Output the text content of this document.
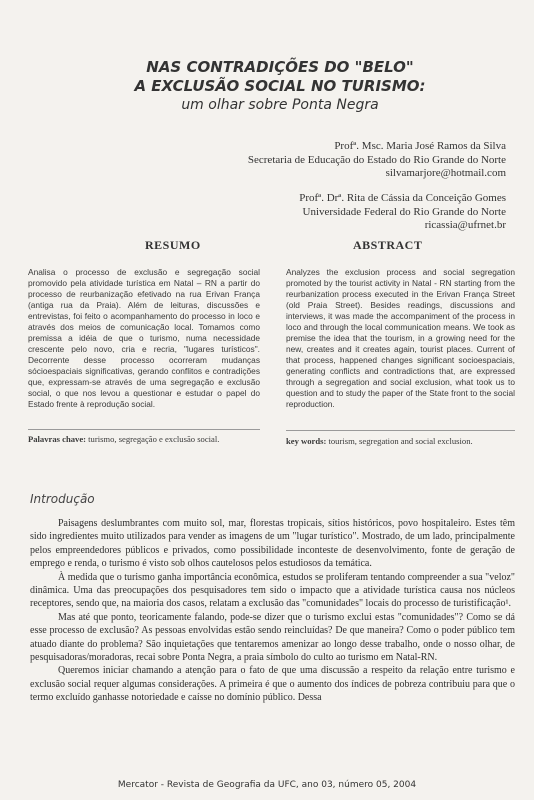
NAS CONTRADIÇÕES DO "BELO"
A EXCLUSÃO SOCIAL NO TURISMO:
um olhar sobre Ponta Negra
Profª. Msc. Maria José Ramos da Silva
Secretaria de Educação do Estado do Rio Grande do Norte
silvamarjore@hotmail.com
Profª. Drª. Rita de Cássia da Conceição Gomes
Universidade Federal do Rio Grande do Norte
ricassia@ufrnet.br
RESUMO	ABSTRACT
Analisa o processo de exclusão e segregação social promovido pela atividade turística em Natal – RN a partir do processo de reurbanização efetivado na rua Erivan França (antiga rua da Praia). Além de leituras, discussões e entrevistas, foi feito o acompanhamento do processo in loco e através dos meios de comunicação local. Tomamos como premissa a idéia de que o turismo, numa necessidade crescente pelo novo, cria e recria, "lugares turísticos". Decorrente desse processo ocorreram mudanças sócioespaciais significativas, gerando conflitos e contradições que, expressam-se através de uma segregação e exclusão social, o que nos levou a questionar e estudar o papel do Estado frente à reprodução social.
Analyzes the exclusion process and social segregation promoted by the tourist activity in Natal - RN starting from the reurbanization process executed in the Erivan França Street (old Praia Street). Besides readings, discussions and interviews, it was made the accompaniment of the process in loco and through the local communication means. We took as premise the idea that the tourism, in a growing need for the new, creates and it creates again, tourist places. Current of that process, happened changes significant socioespaciais, generating conflicts and contradictions that, are expressed through a segregation and social exclusion, what took us to question and to study the paper of the State front to the social reproduction.
Palavras chave: turismo, segregação e exclusão social.	key words: tourism, segregation and social exclusion.
Introdução

Paisagens deslumbrantes com muito sol, mar, florestas tropicais, sítios históricos, povo hospitaleiro. Estes têm sido ingredientes muito utilizados para vender as imagens de um "lugar turístico". Mostrado, de um lado, principalmente pelos empreendedores públicos e privados, como possibilidade inconteste de desenvolvimento, fonte de geração de emprego e renda, o turismo é visto sob olhos cautelosos pelos estudiosos da temática.

À medida que o turismo ganha importância econômica, estudos se proliferam tentando compreender a sua "veloz" dinâmica. Uma das preocupações dos pesquisadores tem sido o impacto que a atividade turística causa nos núcleos receptores, sendo que, na maioria dos casos, relatam a exclusão das "comunidades" locais do processo de turistificação¹.

Mas até que ponto, teoricamente falando, pode-se dizer que o turismo exclui estas "comunidades"? Como se dá esse processo de exclusão? As pessoas envolvidas estão sendo reincluídas? De que maneira? Como o poder público tem atuado diante do problema? São inquietações que tentaremos amenizar ao longo desse trabalho, onde o nosso olhar, de pesquisadoras/moradoras, recai sobre Ponta Negra, a praia símbolo do culto ao turismo em Natal-RN.

Queremos iniciar chamando a atenção para o fato de que uma discussão a respeito da relação entre turismo e exclusão social requer algumas considerações. A primeira é que o aumento dos índices de pobreza contribuiu para que o termo excluído ganhasse notoriedade e caísse no domínio público. Dessa

Mercator - Revista de Geografia da UFC, ano 03, número 05, 2004
